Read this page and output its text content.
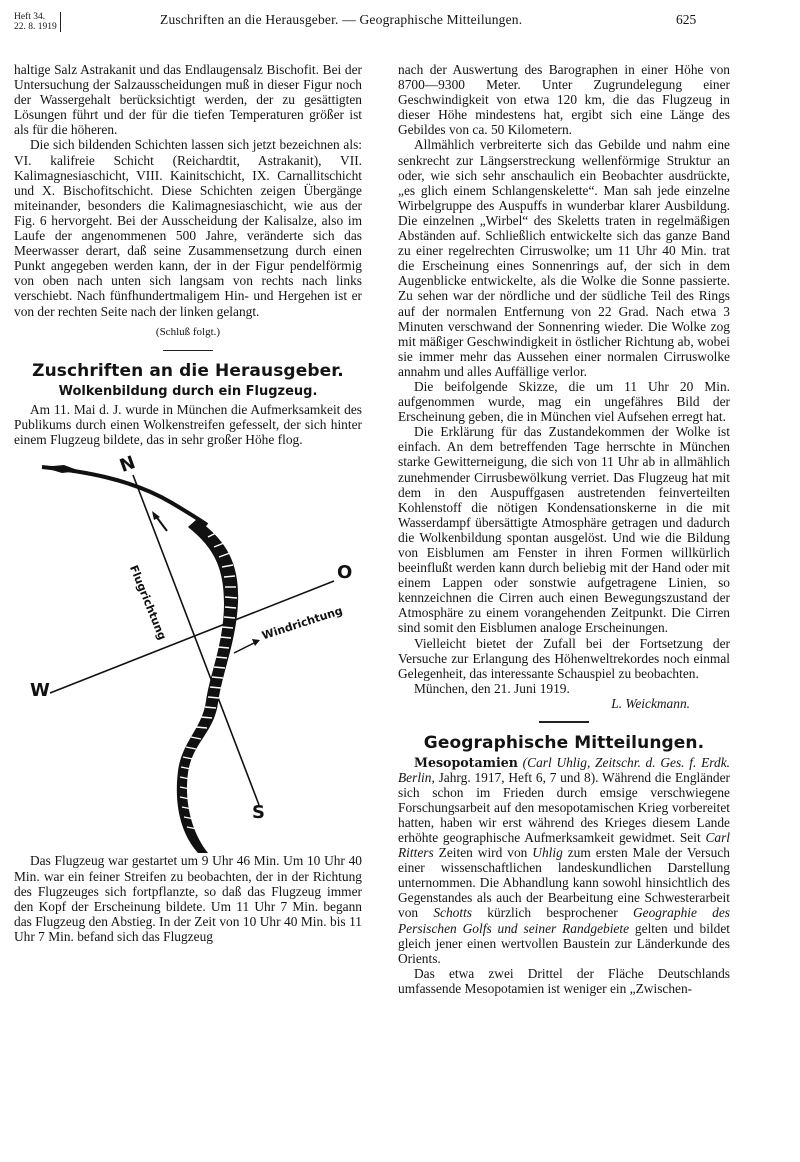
Heft 34.
22. 8. 1919	Zuschriften an die Herausgeber. — Geographische Mitteilungen.	625

haltige Salz Astrakanit und das Endlaugensalz Bischofit. Bei der Untersuchung der Salzausscheidungen muß in dieser Figur noch der Wassergehalt berücksichtigt werden, der zu gesättigten Lösungen führt und der für die tiefen Temperaturen größer ist als für die höheren.

Die sich bildenden Schichten lassen sich jetzt bezeichnen als: VI. kalifreie Schicht (Reichardtit, Astrakanit), VII. Kalimagnesiaschicht, VIII. Kainitschicht, IX. Carnallitschicht und X. Bischofitschicht. Diese Schichten zeigen Übergänge miteinander, besonders die Kalimagnesiaschicht, wie aus der Fig. 6 hervorgeht. Bei der Ausscheidung der Kalisalze, also im Laufe der angenommenen 500 Jahre, veränderte sich das Meerwasser derart, daß seine Zusammensetzung durch einen Punkt angegeben werden kann, der in der Figur pendelförmig von oben nach unten sich langsam von rechts nach links verschiebt. Nach fünfhundertmaligem Hin- und Hergehen ist er von der rechten Seite nach der linken gelangt.

(Schluß folgt.)

Zuschriften an die Herausgeber.

Wolkenbildung durch ein Flugzeug.

Am 11. Mai d. J. wurde in München die Aufmerksamkeit des Publikums durch einen Wolkenstreifen gefesselt, der sich hinter einem Flugzeug bildete, das in sehr großer Höhe flog.

N
S
W
O
Flugrichtung	Windrichtung

Das Flugzeug war gestartet um 9 Uhr 46 Min. Um 10 Uhr 40 Min. war ein feiner Streifen zu beobachten, der in der Richtung des Flugzeuges sich fortpflanzte, so daß das Flugzeug immer den Kopf der Erscheinung bildete. Um 11 Uhr 7 Min. begann das Flugzeug den Abstieg. In der Zeit von 10 Uhr 40 Min. bis 11 Uhr 7 Min. befand sich das Flugzeug

nach der Auswertung des Barographen in einer Höhe von 8700—9300 Meter. Unter Zugrundelegung einer Geschwindigkeit von etwa 120 km, die das Flugzeug in dieser Höhe mindestens hat, ergibt sich eine Länge des Gebildes von ca. 50 Kilometern.

Allmählich verbreiterte sich das Gebilde und nahm eine senkrecht zur Längserstreckung wellenförmige Struktur an oder, wie sich sehr anschaulich ein Beobachter ausdrückte, „es glich einem Schlangenskelette“. Man sah jede einzelne Wirbelgruppe des Auspuffs in wunderbar klarer Ausbildung. Die einzelnen „Wirbel“ des Skeletts traten in regelmäßigen Abständen auf. Schließlich entwickelte sich das ganze Band zu einer regelrechten Cirruswolke; um 11 Uhr 40 Min. trat die Erscheinung eines Sonnenrings auf, der sich in dem Augenblicke entwickelte, als die Wolke die Sonne passierte. Zu sehen war der nördliche und der südliche Teil des Rings auf der normalen Entfernung von 22 Grad. Nach etwa 3 Minuten verschwand der Sonnenring wieder. Die Wolke zog mit mäßiger Geschwindigkeit in östlicher Richtung ab, wobei sie immer mehr das Aussehen einer normalen Cirruswolke annahm und alles Auffällige verlor.

Die beifolgende Skizze, die um 11 Uhr 20 Min. aufgenommen wurde, mag ein ungefähres Bild der Erscheinung geben, die in München viel Aufsehen erregt hat.

Die Erklärung für das Zustandekommen der Wolke ist einfach. An dem betreffenden Tage herrschte in München starke Gewitterneigung, die sich von 11 Uhr ab in allmählich zunehmender Cirrusbewölkung verriet. Das Flugzeug hat mit dem in den Auspuffgasen austretenden feinverteilten Kohlenstoff die nötigen Kondensationskerne in die mit Wasserdampf übersättigte Atmosphäre getragen und dadurch die Wolkenbildung spontan ausgelöst. Und wie die Bildung von Eisblumen am Fenster in ihren Formen willkürlich beeinflußt werden kann durch beliebig mit der Hand oder mit einem Lappen oder sonstwie aufgetragene Linien, so kennzeichnen die Cirren auch einen Bewegungszustand der Atmosphäre zu einem vorangehenden Zeitpunkt. Die Cirren sind somit den Eisblumen analoge Erscheinungen.

Vielleicht bietet der Zufall bei der Fortsetzung der Versuche zur Erlangung des Höhenweltrekordes noch einmal Gelegenheit, das interessante Schauspiel zu beobachten.

München, den 21. Juni 1919.

L. Weickmann.

Geographische Mitteilungen.

Mesopotamien (Carl Uhlig, Zeitschr. d. Ges. f. Erdk. Berlin, Jahrg. 1917, Heft 6, 7 und 8). Während die Engländer sich schon im Frieden durch emsige verschwiegene Forschungsarbeit auf den mesopotamischen Krieg vorbereitet hatten, haben wir erst während des Krieges diesem Lande erhöhte geographische Aufmerksamkeit gewidmet. Seit Carl Ritters Zeiten wird von Uhlig zum ersten Male der Versuch einer wissenschaftlichen landeskundlichen Darstellung unternommen. Die Abhandlung kann sowohl hinsichtlich des Gegenstandes als auch der Bearbeitung eine Schwesterarbeit von Schotts kürzlich besprochener Geographie des Persischen Golfs und seiner Randgebiete gelten und bildet gleich jener einen wertvollen Baustein zur Länderkunde des Orients.

Das etwa zwei Drittel der Fläche Deutschlands umfassende Mesopotamien ist weniger ein „Zwischen-
